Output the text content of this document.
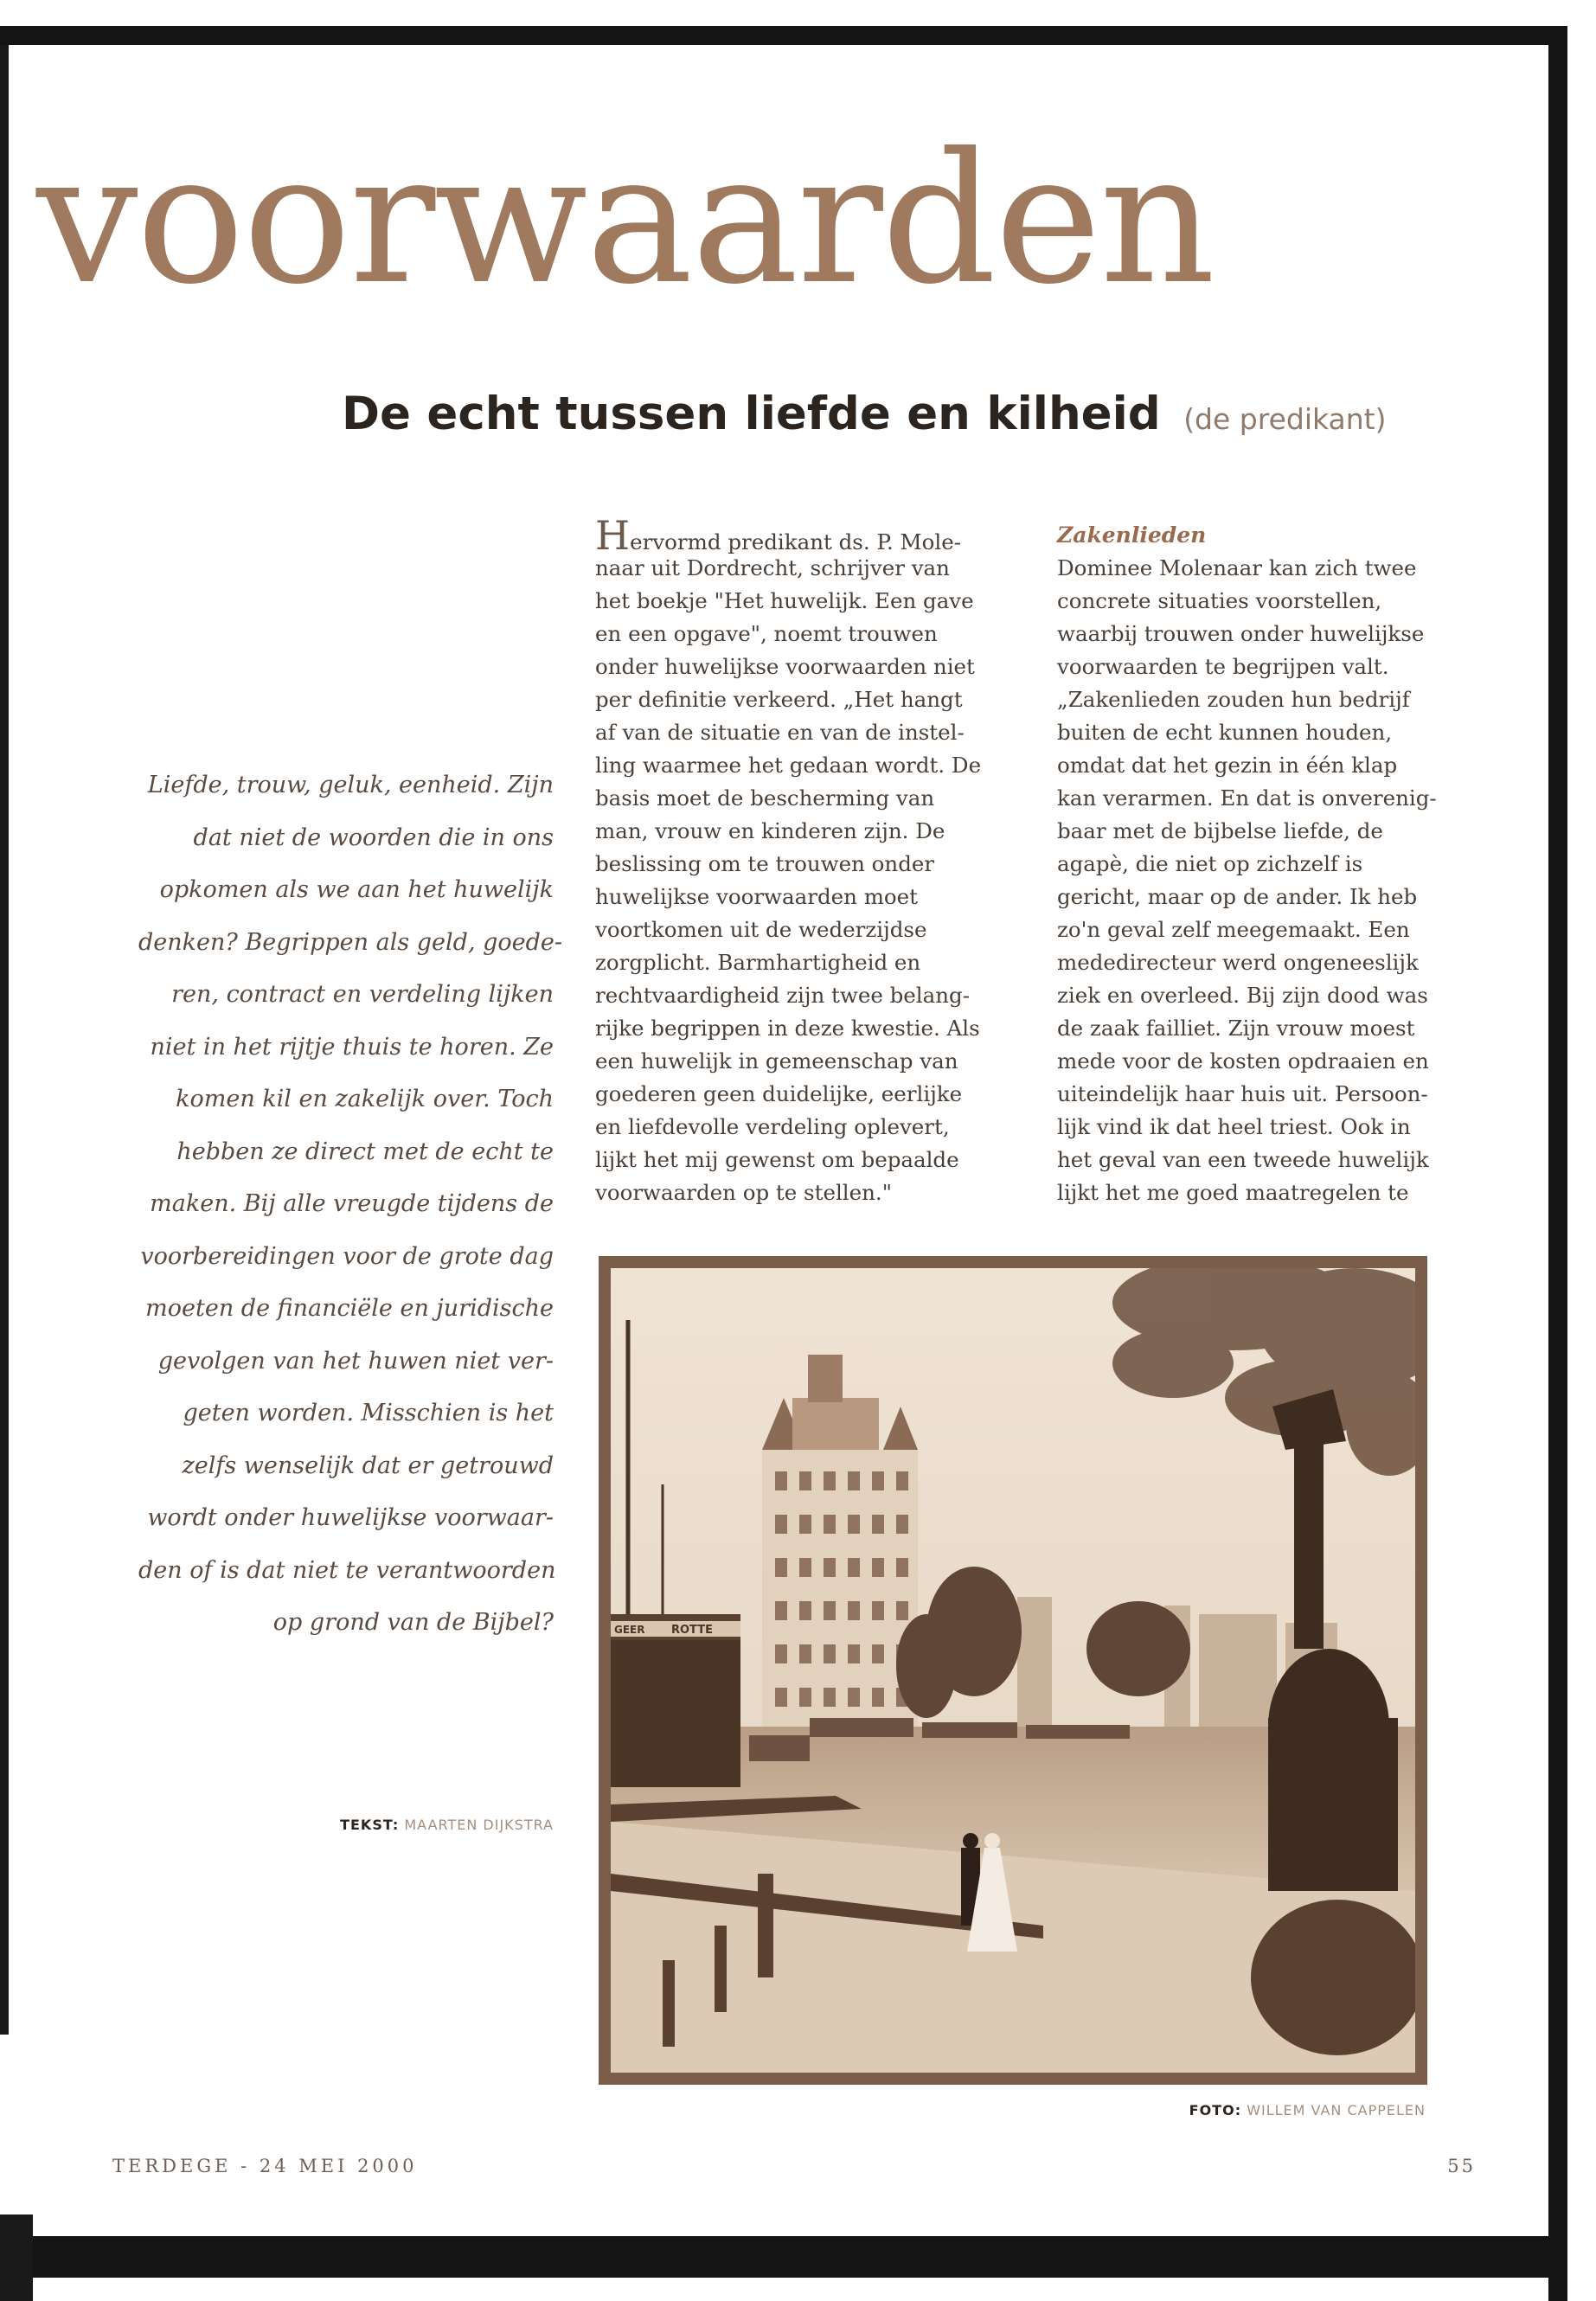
voorwaarden
De echt tussen liefde en kilheid (de predikant)
Liefde, trouw, geluk, eenheid. Zijn
dat niet de woorden die in ons
opkomen als we aan het huwelijk
denken? Begrippen als geld, goede-
ren, contract en verdeling lijken
niet in het rijtje thuis te horen. Ze
komen kil en zakelijk over. Toch
hebben ze direct met de echt te
maken. Bij alle vreugde tijdens de
voorbereidingen voor de grote dag
moeten de financiële en juridische
gevolgen van het huwen niet ver-
geten worden. Misschien is het
zelfs wenselijk dat er getrouwd
wordt onder huwelijkse voorwaar-
den of is dat niet te verantwoorden
op grond van de Bijbel?
TEKST: MAARTEN DIJKSTRA
Hervormd predikant ds. P. Mole-
naar uit Dordrecht, schrijver van
het boekje "Het huwelijk. Een gave
en een opgave", noemt trouwen
onder huwelijkse voorwaarden niet
per definitie verkeerd. „Het hangt
af van de situatie en van de instel-
ling waarmee het gedaan wordt. De
basis moet de bescherming van
man, vrouw en kinderen zijn. De
beslissing om te trouwen onder
huwelijkse voorwaarden moet
voortkomen uit de wederzijdse
zorgplicht. Barmhartigheid en
rechtvaardigheid zijn twee belang-
rijke begrippen in deze kwestie. Als
een huwelijk in gemeenschap van
goederen geen duidelijke, eerlijke
en liefdevolle verdeling oplevert,
lijkt het mij gewenst om bepaalde
voorwaarden op te stellen."
Zakenlieden
Dominee Molenaar kan zich twee
concrete situaties voorstellen,
waarbij trouwen onder huwelijkse
voorwaarden te begrijpen valt.
„Zakenlieden zouden hun bedrijf
buiten de echt kunnen houden,
omdat dat het gezin in één klap
kan verarmen. En dat is onverenig-
baar met de bijbelse liefde, de
agapè, die niet op zichzelf is
gericht, maar op de ander. Ik heb
zo'n geval zelf meegemaakt. Een
mededirecteur werd ongeneeslijk
ziek en overleed. Bij zijn dood was
de zaak failliet. Zijn vrouw moest
mede voor de kosten opdraaien en
uiteindelijk haar huis uit. Persoon-
lijk vind ik dat heel triest. Ook in
het geval van een tweede huwelijk
lijkt het me goed maatregelen te
GEER ROTTE
FOTO: WILLEM VAN CAPPELEN
TERDEGE - 24 MEI 2000	55
